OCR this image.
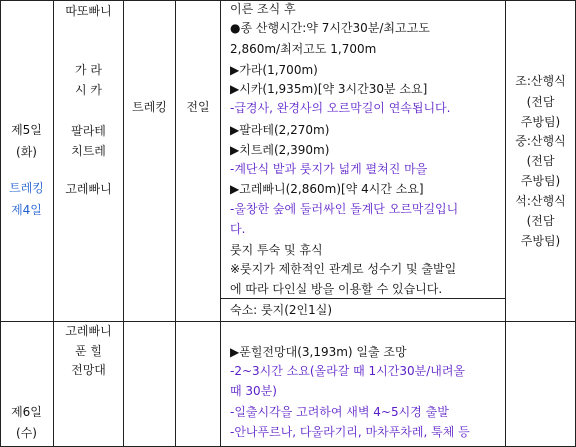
제5일
(화)
트레킹
제4일
따또빠니
가 라
시 카
팔라테
치트레
고레빠니
트레킹	전일
이른 조식 후
●종 산행시간:약 7시간30분/최고고도
2,860m/최저고도 1,700m
▶가라(1,700m)
▶시카(1,935m)[약 3시간30분 소요]
-급경사, 완경사의 오르막길이 연속됩니다.
▶팔라테(2,270m)
▶치트레(2,390m)
-계단식 밭과 룻지가 넓게 펼쳐진 마을
▶고레빠니(2,860m)[약 4시간 소요]
-울창한 숲에 둘러싸인 돌계단 오르막길입니
다.
룻지 투숙 및 휴식
※룻지가 제한적인 관계로 성수기 및 출발일
에 따라 다인실 방을 이용할 수 있습니다.
숙소: 룻지(2인1실)
조:산행식
(전담
주방팀)
중:산행식
(전담
주방팀)
석:산행식
(전담
주방팀)
제6일
(수)
고레빠니
푼 힐
전망대
▶푼힐전망대(3,193m) 일출 조망
-2~3시간 소요(올라갈 때 1시간30분/내려올
때 30분)
-일출시각을 고려하여 새벽 4~5시경 출발
-안나푸르나, 다울라기리, 마차푸차레, 툭체 등
